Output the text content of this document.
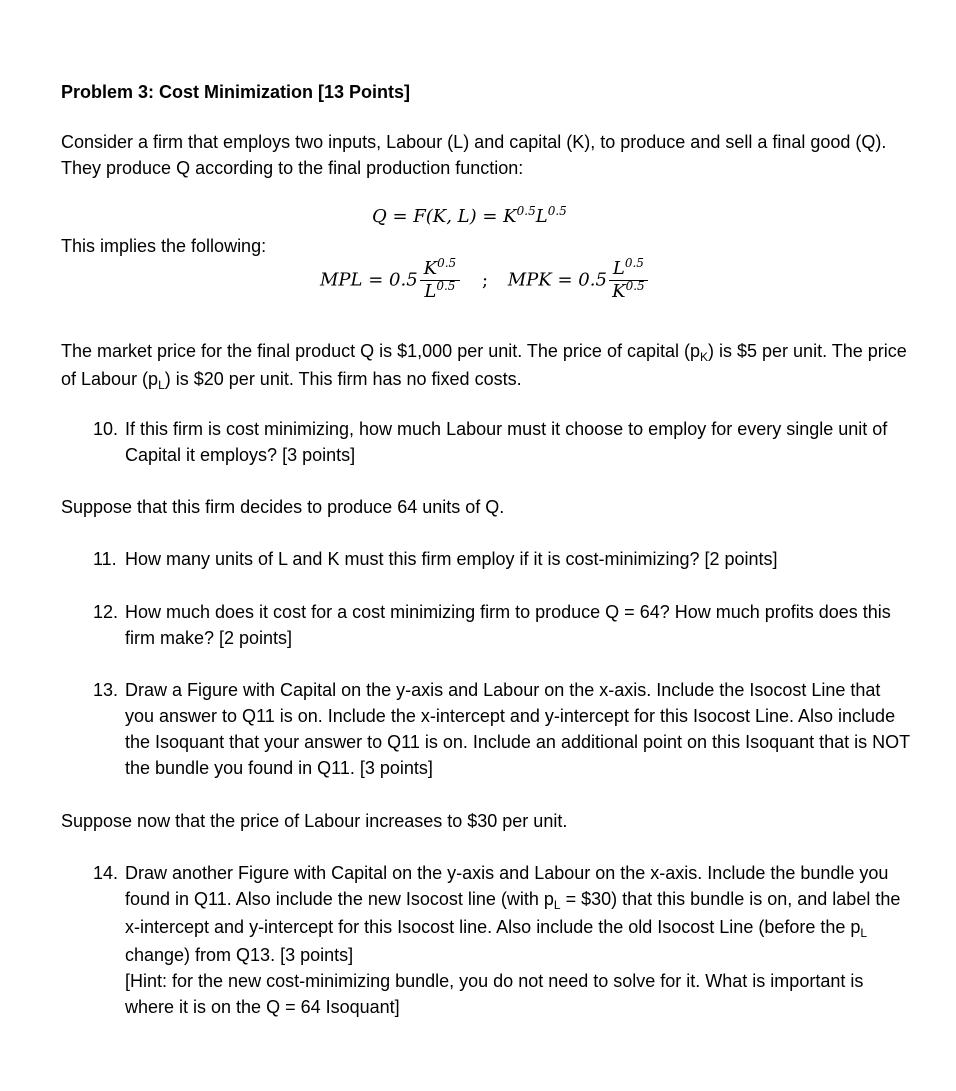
Problem 3: Cost Minimization [13 Points]

Consider a firm that employs two inputs, Labour (L) and capital (K), to produce and sell a final good (Q). They produce Q according to the final production function:

Q = F(K, $L) = K^{0.5}L^{0.5}$

This implies the following:

MPL = $0.5 \frac{K^{0.5}}{L^{0.5}}$ ; MPK = $0.5 \frac{L^{0.5}}{K^{0.5}}$

The market price for the final product Q is $1,000 per unit. The price of capital $(p_K)$ is $5 per unit. The price of Labour $(p_L)$ is $20 per unit. This firm has no fixed costs.

10. If this firm is cost minimizing, how much Labour must it choose to employ for every single unit of Capital it employs? [3 points]

Suppose that this firm decides to produce 64 units of Q.

11. How many units of L and K must this firm employ if it is cost-minimizing? [2 points]
12. How much does it cost for a cost minimizing firm to produce Q = 64? How much profits does this firm make? [2 points]
13. Draw a Figure with Capital on the y-axis and Labour on the x-axis. Include the Isocost Line that you answer to Q11 is on. Include the x-intercept and y-intercept for this Isocost Line. Also include the Isoquant that your answer to Q11 is on. Include an additional point on this Isoquant that is NOT the bundle you found in Q11. [3 points]

Suppose now that the price of Labour increases to $30 per unit.

14. Draw another Figure with Capital on the y-axis and Labour on the x-axis. Include the bundle you found in Q11. Also include the new Isocost line (with $p_L$ = $30) that this bundle is on, and label the x-intercept and y-intercept for this Isocost line. Also include the old Isocost Line (before the $p_L$ change) from Q13. [3 points]
[Hint: for the new cost-minimizing bundle, you do not need to solve for it. What is important is where it is on the Q = 64 Isoquant]
